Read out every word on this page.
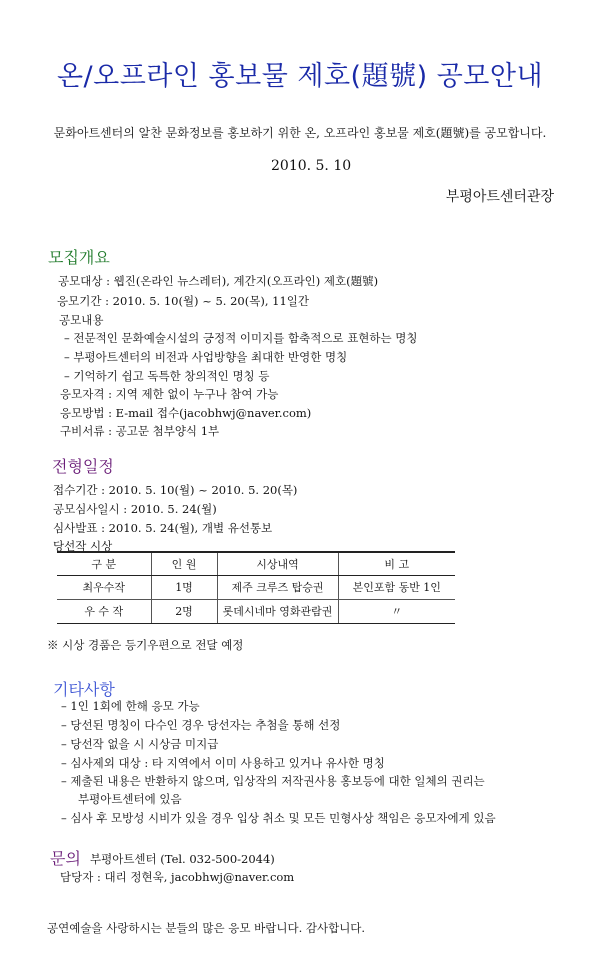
온/오프라인 홍보물 제호(題號) 공모안내
문화아트센터의 알찬 문화정보를 홍보하기 위한 온, 오프라인 홍보물 제호(題號)를 공모합니다.
2010. 5. 10
부평아트센터관장
모집개요
공모대상 : 웹진(온라인 뉴스레터), 계간지(오프라인) 제호(題號)
응모기간 : 2010. 5. 10(월) ~ 5. 20(목), 11일간
공모내용
– 전문적인 문화예술시설의 긍정적 이미지를 함축적으로 표현하는 명칭
– 부평아트센터의 비전과 사업방향을 최대한 반영한 명칭
– 기억하기 쉽고 독특한 창의적인 명칭 등
응모자격 : 지역 제한 없이 누구나 참여 가능
응모방법 : E-mail 접수(jacobhwj@naver.com)
구비서류 : 공고문 첨부양식 1부
전형일정
접수기간 : 2010. 5. 10(월) ~ 2010. 5. 20(목)
공모심사일시 : 2010. 5. 24(월)
심사발표 : 2010. 5. 24(월), 개별 유선통보
당선작 시상
구 분	인 원	시상내역	비 고
최우수작	1명	제주 크루즈 탑승권	본인포함 동반 1인
우 수 작	2명	롯데시네마 영화관람권	〃
※ 시상 경품은 등기우편으로 전달 예정
기타사항
– 1인 1회에 한해 응모 가능
– 당선된 명칭이 다수인 경우 당선자는 추첨을 통해 선정
– 당선작 없을 시 시상금 미지급
– 심사제외 대상 : 타 지역에서 이미 사용하고 있거나 유사한 명칭
– 제출된 내용은 반환하지 않으며, 입상작의 저작권사용 홍보등에 대한 일체의 권리는
부평아트센터에 있음
– 심사 후 모방성 시비가 있을 경우 입상 취소 및 모든 민형사상 책임은 응모자에게 있음
문의 부평아트센터 (Tel. 032-500-2044)
담당자 : 대리 정현욱, jacobhwj@naver.com
공연예술을 사랑하시는 분들의 많은 응모 바랍니다. 감사합니다.
